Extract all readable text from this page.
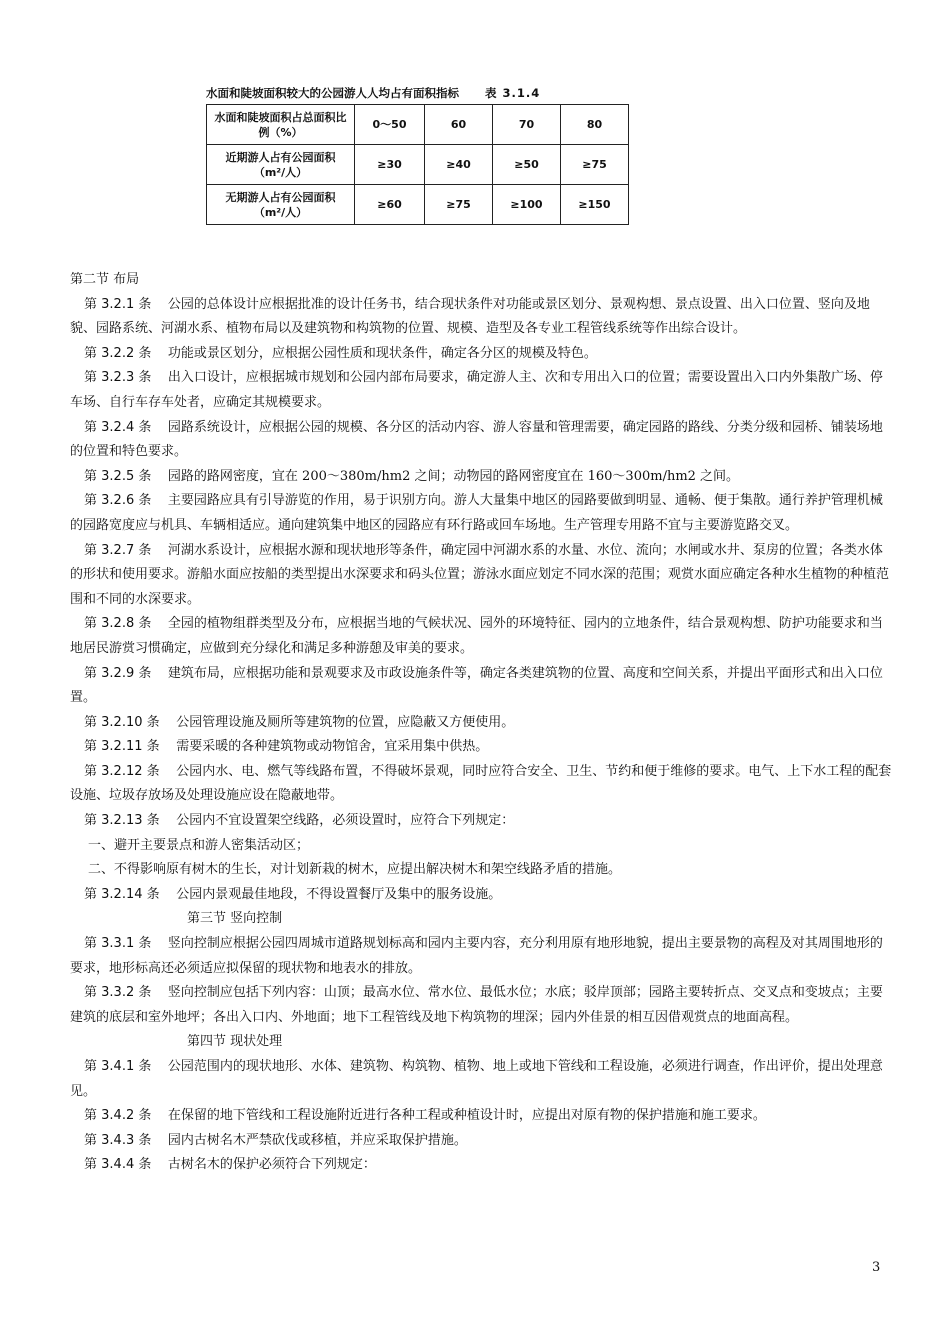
水面和陡坡面积较大的公园游人人均占有面积指标 表 3.1.4
水面和陡坡面积占总面积比例（%）	0～50	60	70	80
近期游人占有公园面积（m²/人）	≥30	≥40	≥50	≥75
无期游人占有公园面积（m²/人）	≥60	≥75	≥100	≥150

第二节 布局

第 3.2.1 条 公园的总体设计应根据批准的设计任务书，结合现状条件对功能或景区划分、景观构想、景点设置、出入口位置、竖向及地貌、园路系统、河湖水系、植物布局以及建筑物和构筑物的位置、规模、造型及各专业工程管线系统等作出综合设计。

第 3.2.2 条 功能或景区划分，应根据公园性质和现状条件，确定各分区的规模及特色。

第 3.2.3 条 出入口设计，应根据城市规划和公园内部布局要求，确定游人主、次和专用出入口的位置；需要设置出入口内外集散广场、停车场、自行车存车处者，应确定其规模要求。

第 3.2.4 条 园路系统设计，应根据公园的规模、各分区的活动内容、游人容量和管理需要，确定园路的路线、分类分级和园桥、铺装场地的位置和特色要求。

第 3.2.5 条 园路的路网密度，宜在 200～380m/hm2 之间；动物园的路网密度宜在 160～300m/hm2 之间。

第 3.2.6 条 主要园路应具有引导游览的作用，易于识别方向。游人大量集中地区的园路要做到明显、通畅、便于集散。通行养护管理机械的园路宽度应与机具、车辆相适应。通向建筑集中地区的园路应有环行路或回车场地。生产管理专用路不宜与主要游览路交叉。

第 3.2.7 条 河湖水系设计，应根据水源和现状地形等条件，确定园中河湖水系的水量、水位、流向；水闸或水井、泵房的位置；各类水体的形状和使用要求。游船水面应按船的类型提出水深要求和码头位置；游泳水面应划定不同水深的范围；观赏水面应确定各种水生植物的种植范围和不同的水深要求。

第 3.2.8 条 全园的植物组群类型及分布，应根据当地的气候状况、园外的环境特征、园内的立地条件，结合景观构想、防护功能要求和当地居民游赏习惯确定，应做到充分绿化和满足多种游憩及审美的要求。

第 3.2.9 条 建筑布局，应根据功能和景观要求及市政设施条件等，确定各类建筑物的位置、高度和空间关系，并提出平面形式和出入口位置。

第 3.2.10 条 公园管理设施及厕所等建筑物的位置，应隐蔽又方便使用。

第 3.2.11 条 需要采暖的各种建筑物或动物馆舍，宜采用集中供热。

第 3.2.12 条 公园内水、电、燃气等线路布置，不得破坏景观，同时应符合安全、卫生、节约和便于维修的要求。电气、上下水工程的配套设施、垃圾存放场及处理设施应设在隐蔽地带。

第 3.2.13 条 公园内不宜设置架空线路，必须设置时，应符合下列规定：

一、避开主要景点和游人密集活动区；

二、不得影响原有树木的生长，对计划新栽的树木，应提出解决树木和架空线路矛盾的措施。

第 3.2.14 条 公园内景观最佳地段，不得设置餐厅及集中的服务设施。

第三节 竖向控制

第 3.3.1 条 竖向控制应根据公园四周城市道路规划标高和园内主要内容，充分利用原有地形地貌，提出主要景物的高程及对其周围地形的要求，地形标高还必须适应拟保留的现状物和地表水的排放。

第 3.3.2 条 竖向控制应包括下列内容：山顶；最高水位、常水位、最低水位；水底；驳岸顶部；园路主要转折点、交叉点和变坡点；主要建筑的底层和室外地坪；各出入口内、外地面；地下工程管线及地下构筑物的埋深；园内外佳景的相互因借观赏点的地面高程。

第四节 现状处理

第 3.4.1 条 公园范围内的现状地形、水体、建筑物、构筑物、植物、地上或地下管线和工程设施，必须进行调查，作出评价，提出处理意见。

第 3.4.2 条 在保留的地下管线和工程设施附近进行各种工程或种植设计时，应提出对原有物的保护措施和施工要求。

第 3.4.3 条 园内古树名木严禁砍伐或移植，并应采取保护措施。

第 3.4.4 条 古树名木的保护必须符合下列规定：

3
